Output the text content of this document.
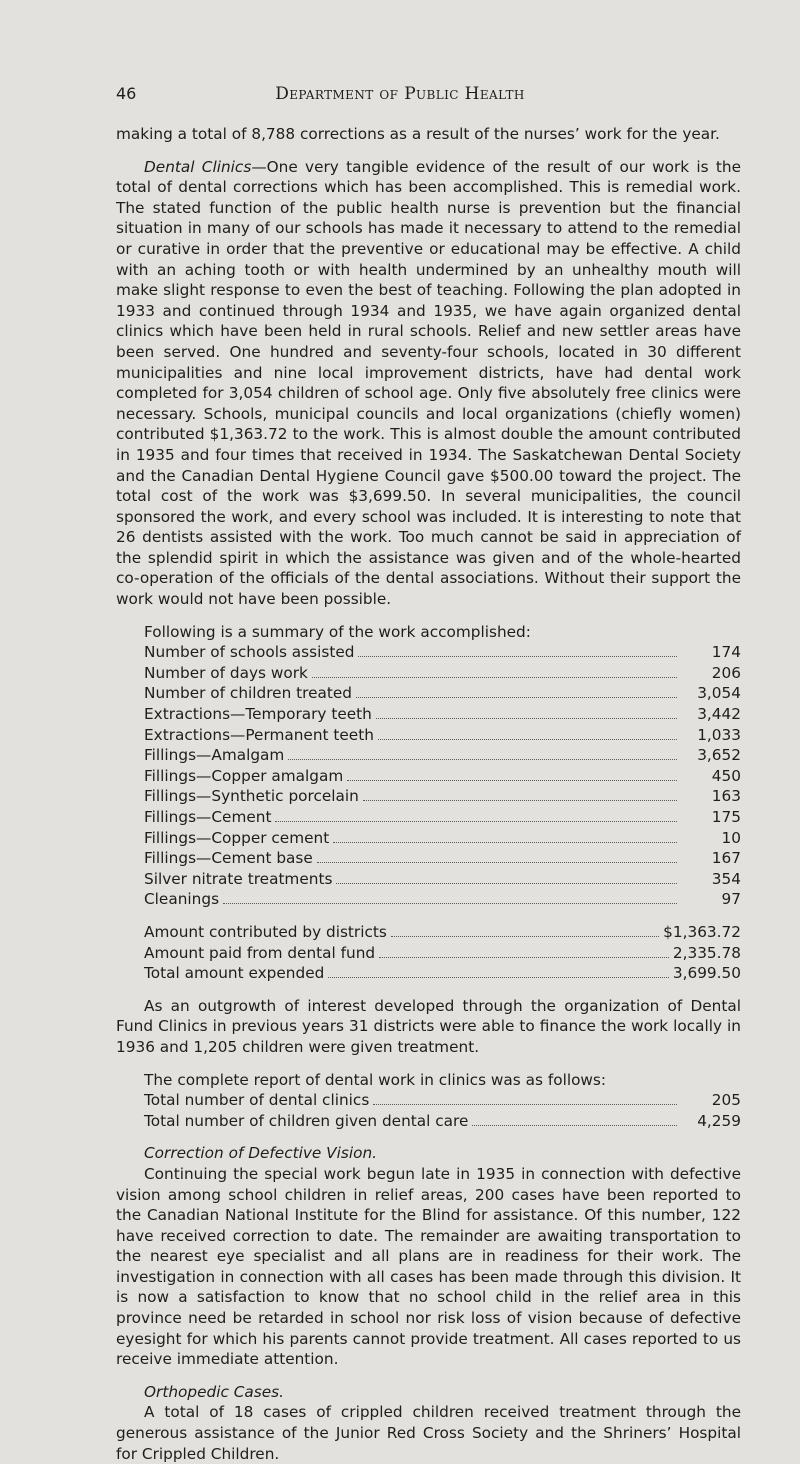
46	Department of Public Health

making a total of 8,788 corrections as a result of the nurses’ work for the year.

Dental Clinics—One very tangible evidence of the result of our work is the total of dental corrections which has been accomplished. This is remedial work. The stated function of the public health nurse is prevention but the financial situation in many of our schools has made it necessary to attend to the remedial or curative in order that the preventive or educational may be effective. A child with an aching tooth or with health undermined by an unhealthy mouth will make slight response to even the best of teaching. Following the plan adopted in 1933 and continued through 1934 and 1935, we have again organized dental clinics which have been held in rural schools. Relief and new settler areas have been served. One hundred and seventy-four schools, located in 30 different municipalities and nine local improvement districts, have had dental work completed for 3,054 children of school age. Only five absolutely free clinics were necessary. Schools, municipal councils and local organizations (chiefly women) contributed $1,363.72 to the work. This is almost double the amount contributed in 1935 and four times that received in 1934. The Saskatchewan Dental Society and the Canadian Dental Hygiene Council gave $500.00 toward the project. The total cost of the work was $3,699.50. In several municipalities, the council sponsored the work, and every school was included. It is interesting to note that 26 dentists assisted with the work. Too much cannot be said in appreciation of the splendid spirit in which the assistance was given and of the whole-hearted co-operation of the officials of the dental associations. Without their support the work would not have been possible.

Following is a summary of the work accomplished:

Number of schools assisted	174
Number of days work	206
Number of children treated	3,054
Extractions—Temporary teeth	3,442
Extractions—Permanent teeth	1,033
Fillings—Amalgam	3,652
Fillings—Copper amalgam	450
Fillings—Synthetic porcelain	163
Fillings—Cement	175
Fillings—Copper cement	10
Fillings—Cement base	167
Silver nitrate treatments	354
Cleanings	97
Amount contributed by districts	$1,363.72
Amount paid from dental fund	2,335.78
Total amount expended	3,699.50

As an outgrowth of interest developed through the organization of Dental Fund Clinics in previous years 31 districts were able to finance the work locally in 1936 and 1,205 children were given treatment.

The complete report of dental work in clinics was as follows:

Total number of dental clinics	205
Total number of children given dental care	4,259
Correction of Defective Vision.

Continuing the special work begun late in 1935 in connection with defective vision among school children in relief areas, 200 cases have been reported to the Canadian National Institute for the Blind for assistance. Of this number, 122 have received correction to date. The remainder are awaiting transportation to the nearest eye specialist and all plans are in readiness for their work. The investigation in connection with all cases has been made through this division. It is now a satisfaction to know that no school child in the relief area in this province need be retarded in school nor risk loss of vision because of defective eyesight for which his parents cannot provide treatment. All cases reported to us receive immediate attention.

Orthopedic Cases.

A total of 18 cases of crippled children received treatment through the generous assistance of the Junior Red Cross Society and the Shriners’ Hospital for Crippled Children.
